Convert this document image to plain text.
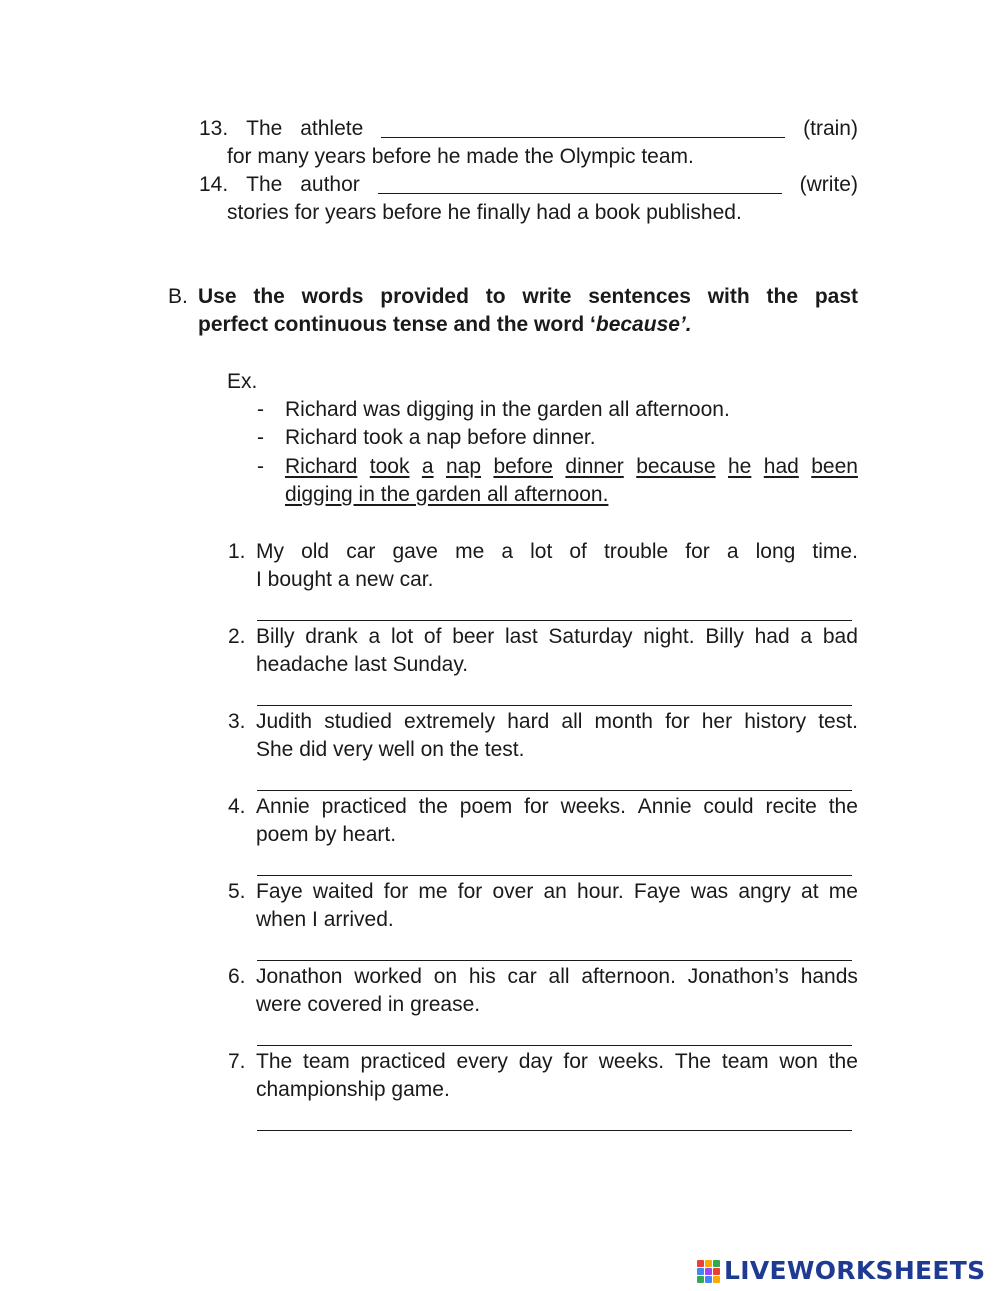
13. The athlete	(train)
for many years before he made the Olympic team.
14. The author	(write)
stories for years before he finally had a book published.
B. Use the words provided to write sentences with the past
perfect continuous tense and the word ‘because’.
Ex.
- Richard was digging in the garden all afternoon.
- Richard took a nap before dinner.
- Richard took a nap before dinner because he had been
digging in the garden all afternoon.
1. My old car gave me a lot of trouble for a long time.
I bought a new car.
2. Billy drank a lot of beer last Saturday night. Billy had a bad
headache last Sunday.
3. Judith studied extremely hard all month for her history test.
She did very well on the test.
4. Annie practiced the poem for weeks. Annie could recite the
poem by heart.
5. Faye waited for me for over an hour. Faye was angry at me
when I arrived.
6. Jonathon worked on his car all afternoon. Jonathon’s hands
were covered in grease.
7. The team practiced every day for weeks. The team won the
championship game.
LIVEWORKSHEETS
